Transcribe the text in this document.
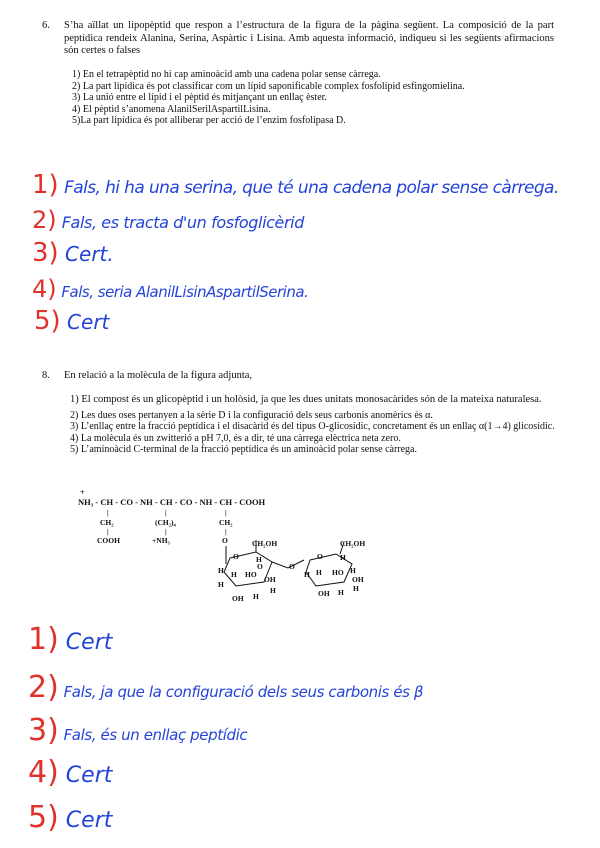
6. S’ha aïllat un lipopèptid que respon a l’estructura de la figura de la pàgina següent. La composició de la part peptídica rendeix Alanina, Serina, Aspàrtic i Lisina. Amb aquesta informació, indiqueu si les següents afirmacions són certes o falses
1) En el tetrapèptid no hi cap aminoàcid amb una cadena polar sense càrrega.
2) La part lipídica és pot classificar com un lípid saponificable complex fosfolípid esfingomielina.
3) La unió entre el lípid i el pèptid és mitjançant un enllaç èster.
4) El pèptid s’anomena AlanilSerilAspartilLisina.
5)La part lipídica és pot alliberar per acció de l’enzim fosfolipasa D.
1) Fals, hi ha una serina, que té una cadena polar sense càrrega.
2) Fals, es tracta d'un fosfoglicèrid
3) Cert.
4) Fals, seria AlanilLisinAspartilSerina.
5) Cert
8. En relació a la molècula de la figura adjunta,
1) El compost és un glicopèptid i un holòsid, ja que les dues unitats monosacàrides són de la mateixa naturalesa.
2) Les dues oses pertanyen a la sèrie D i la configuració dels seus carbonis anomèrics és α.
3) L’enllaç entre la fracció peptídica i el disacàrid és del tipus O-glicosídic, concretament és un enllaç α(1→4) glicosídic.
4) La molècula és un zwitterió a pH 7,0, és a dir, té una càrrega elèctrica neta zero.
5) L’aminoàcid C-terminal de la fracció peptídica és un aminoàcid polar sense càrrega.
+
NH₃ - CH - CO - NH - CH - CO - NH - CH - COOH
|
CH₂
|
COOH
|
(CH₂)₄
|
+NH₃
|
CH₂
|
O	CH₂OH
O H
O
H HO
H
H
OH
H
OH H
O
CH₂OH
O H
H HO
H	H
OH
H
OH H
1) Cert
2) Fals, ja que la configuració dels seus carbonis és β
3) Fals, és un enllaç peptídic
4) Cert
5) Cert
